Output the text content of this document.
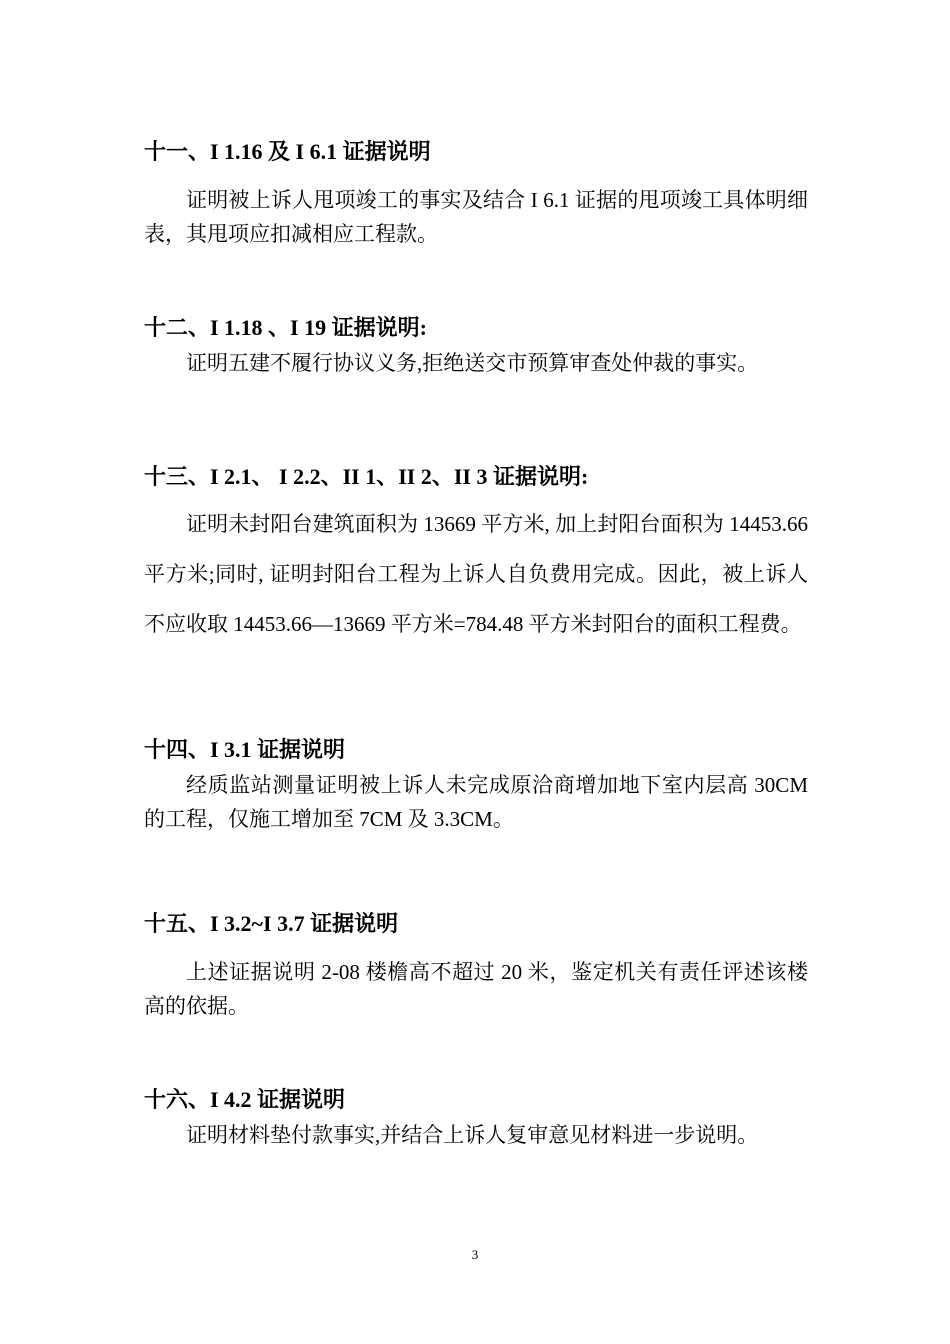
十一、I 1.16 及 I 6.1 证据说明
证明被上诉人甩项竣工的事实及结合 I 6.1 证据的甩项竣工具体明细表，其甩项应扣减相应工程款。
十二、I 1.18 、I 19 证据说明:
证明五建不履行协议义务,拒绝送交市预算审查处仲裁的事实。
十三、I 2.1、 I 2.2、II 1、II 2、II 3 证据说明:
证明未封阳台建筑面积为 13669 平方米, 加上封阳台面积为 14453.66 平方米;同时, 证明封阳台工程为上诉人自负费用完成。因此，被上诉人不应收取 14453.66—13669 平方米=784.48 平方米封阳台的面积工程费。
十四、I 3.1 证据说明
经质监站测量证明被上诉人未完成原洽商增加地下室内层高 30CM 的工程，仅施工增加至 7CM 及 3.3CM。
十五、I 3.2~I 3.7 证据说明
上述证据说明 2-08 楼檐高不超过 20 米，鉴定机关有责任评述该楼高的依据。
十六、I 4.2 证据说明
证明材料垫付款事实,并结合上诉人复审意见材料进一步说明。
3
